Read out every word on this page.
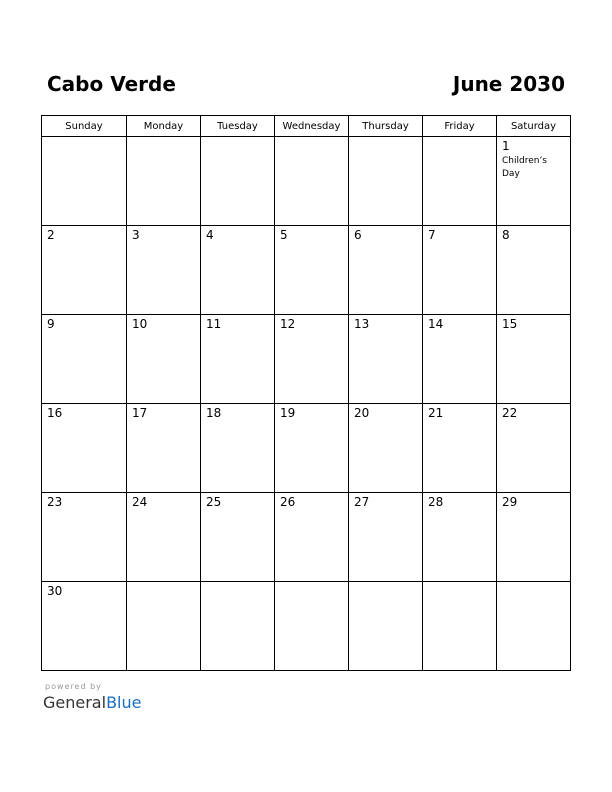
Cabo Verde	June 2030
Sunday	Monday	Tuesday	Wednesday	Thursday	Friday	Saturday

						1
Children’s Day

2	3	4	5	6	7	8

9	10	11	12	13	14	15

16	17	18	19	20	21	22

23	24	25	26	27	28	29

30						

powered by
GeneralBlue
